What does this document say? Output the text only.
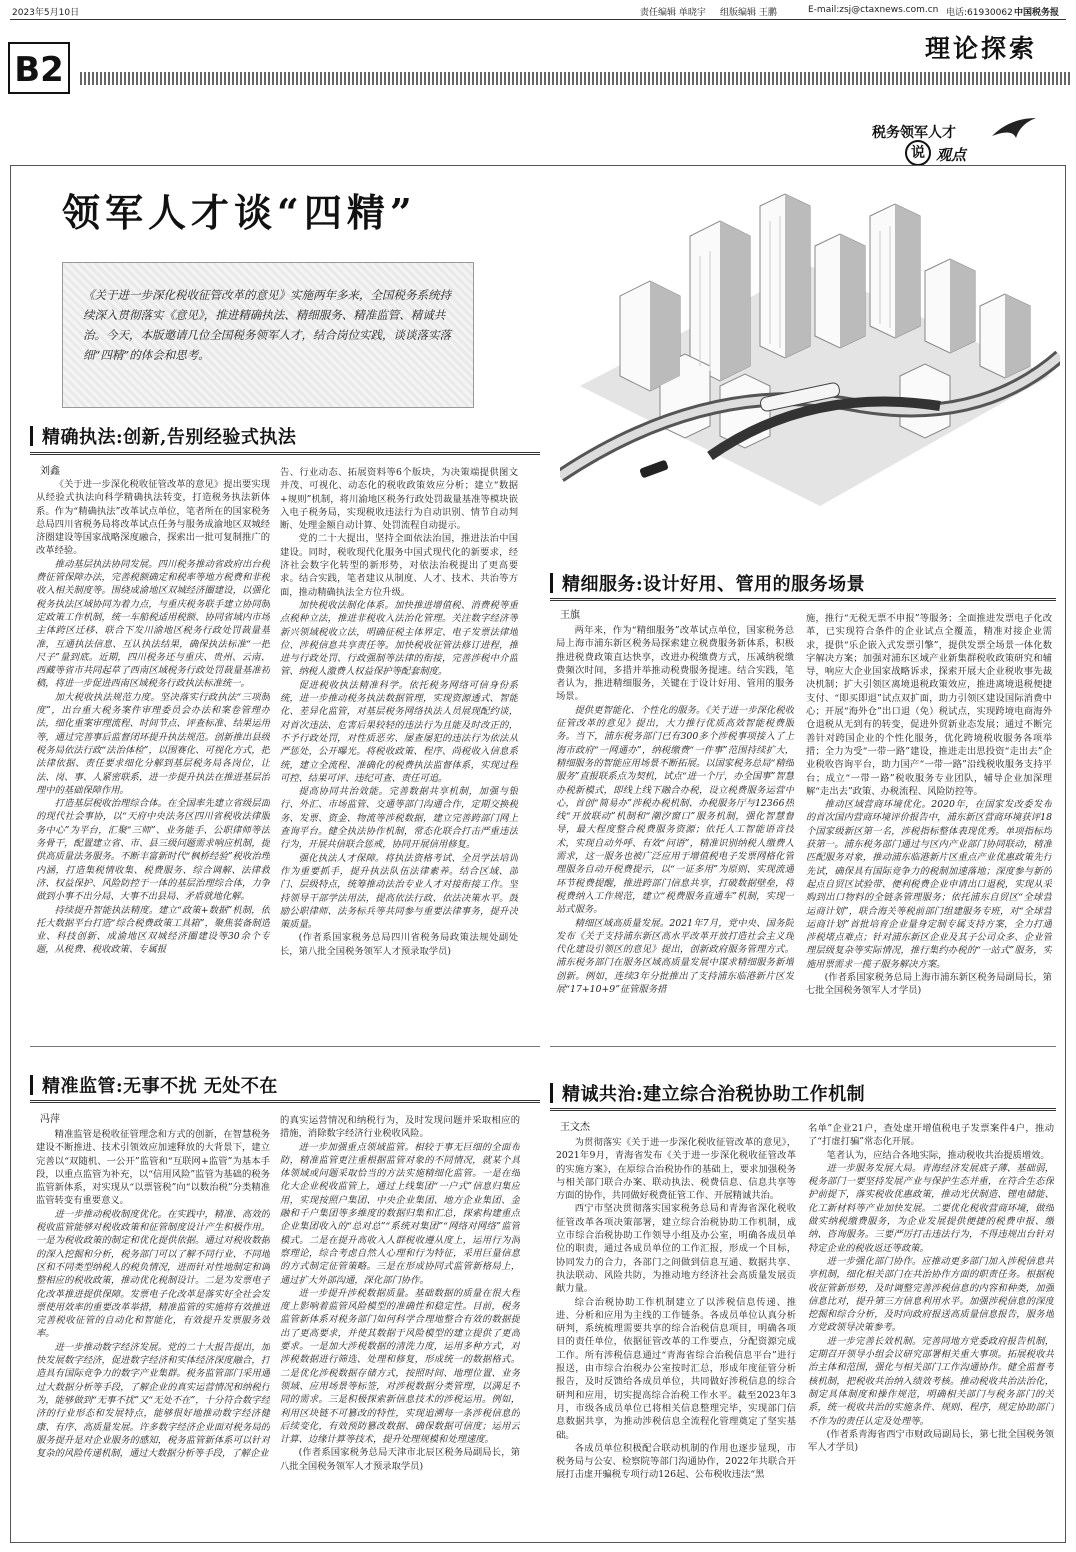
2023年5月10日	责任编辑 单晓宇 组版编辑 王鹏	E-mail:zsj@ctaxnews.com.cn 电话:61930062 中国税务报
B2
理论探索
税务领军人才
说 观点
领军人才谈“四精”
《关于进一步深化税收征管改革的意见》实施两年多来，全国税务系统持续深入贯彻落实《意见》，推进精确执法、精细服务、精准监管、精诚共治。今天，本版邀请几位全国税务领军人才，结合岗位实践，谈谈落实落细“四精”的体会和思考。
精确执法:创新,告别经验式执法
刘鑫

《关于进一步深化税收征管改革的意见》提出要实现从经验式执法向科学精确执法转变，打造税务执法新体系。作为“精确执法”改革试点单位，笔者所在的国家税务总局四川省税务局将改革试点任务与服务成渝地区双城经济圈建设等国家战略深度融合，探索出一批可复制推广的改革经验。

推动基层执法协同发展。四川税务推动省政府出台税费征管保障办法，完善税额确定和税率等地方税费和非税收入相关制度等。围绕成渝地区双城经济圈建设，以强化税务执法区域协同为着力点，与重庆税务联手建立协同制定政策工作机制，统一车船税适用税额、协同省域内市场主体跨区迁移、联合下发川渝地区税务行政处罚裁量基准，互通执法信息、互认执法结果，确保执法标准“一把尺子”量到底。近期，四川税务还与重庆、贵州、云南、西藏等省市共同起草了西南区域税务行政处罚裁量基准初稿，将进一步促进西南区域税务行政执法标准统一。

加大税收执法规范力度。坚决落实行政执法“三项制度”，出台重大税务案件审理委员会办法和案卷管理办法，细化重案审理流程、时间节点、评查标准、结果运用等，通过完善事后监督闭环提升执法规范。创新推出县级税务局依法行政“法治体检”，以围赛化、可视化方式，把法律依据、责任要求细化分解到基层税务局各岗位，让法、岗、事、人紧密联系，进一步提升执法在推进基层治理中的基础保障作用。

打造基层税收治理综合体。在全国率先建立省级层面的现代社会事协，以“天府中央法务区四川省税收法律服务中心”为平台，汇聚“三师”、业务能手、公职律师等法务骨干，配置建立省、市、县三级问题需求响应机制，提供高质量法务服务。不断丰富新时代“枫桥经验”税收治理内涵，打造集税情收集、税费服务、综合调解、法律救济、权益保护、风险防控于一体的基层治理综合体，力争做到小事不出分局、大事不出县局、矛盾就地化解。

持续提升智能执法精度。建立“政策+数据”机制，依托大数据平台打造“综合税费政策工具箱”，聚焦装备制造业、科技创新、成渝地区双城经济圈建设等30余个专题，从税费、税收政策、专属报

告、行业动态、拓展资料等6个版块，为决策端提供图文并茂、可视化、动态化的税收政策效应分析；建立“数据+规则”机制，将川渝地区税务行政处罚裁量基准等模块嵌入电子税务局，实现税收违法行为自动识别、情节自动判断、处理金额自动计算、处罚流程自动提示。

党的二十大提出，坚持全面依法治国，推进法治中国建设。同时，税收现代化服务中国式现代化的新要求，经济社会数字化转型的新形势，对依法治税提出了更高要求。结合实践，笔者建议从制度、人才、技术、共治等方面，推动精确执法全方位升级。

加快税收法制化体系。加快推进增值税、消费税等重点税种立法，推进非税收入法治化管理。关注数字经济等新兴领域税收立法，明确征税主体界定、电子发票法律地位、涉税信息共享责任等。加快税收征管法修订进程，推进与行政处罚、行政强制等法律的衔接，完善涉税中介监管、纳税人激费人权益保护等配套制度。

促进税收执法精准科学。依托税务网络可信身份系统，进一步推动税务执法数据管理，实现资源透式、智能化、差异化监管，对基层税务网络执法人员展现配约谈，对首次违法、危害后果较轻的违法行为且能及时改正的，不予行政处罚，对性质恶劣、屡查屡犯的违法行为依法从严惩处，公开曝光。将税收政策、程序、尚税收入信息系统，建立全流程、准确化的税费执法监督体系，实现过程可控、结果可评、违纪可查、责任可追。

提高协同共治效能。完善数据共享机制，加强与银行、外汇、市场监管、交通等部门沟通合作，定期交换税务、发票、资金、物流等涉税数据，建立完善跨部门网上查询平台。健全执法协作机制，常态化联合打击严重违法行为，开展共信联合惩戒，协同开展信用修复。

强化执法人才保障。将执法资格考试、全员学法培训作为重要抓手，提升执法队伍法律素养。结合区域、部门、层级特点，统筹推动法治专业人才对接衔接工作。坚持领导干部学法用法，提高依法行政、依法决策水平。鼓励公职律师、法务标兵等共同参与重要法律事务，提升决策质量。

(作者系国家税务总局四川省税务局政策法规处副处长，第八批全国税务领军人才预录取学员)

精细服务:设计好用、管用的服务场景
王旗

两年来，作为“精细服务”改革试点单位，国家税务总局上海市浦东新区税务局探索建立税费服务新体系，积极推进税费政策直达快享，改进办税缴费方式，压减纳税缴费频次时间，多措并举推动税费服务提速。结合实践，笔者认为，推进精细服务，关键在于设计好用、管用的服务场景。

提供更智能化、个性化的服务。《关于进一步深化税收征管改革的意见》提出，大力推行优质高效智能税费服务。当下，浦东税务部门已有300多个涉税事项接入了上海市政府“一网通办”，纳税缴费“一件事”范围持续扩大，精细服务的智能应用场景不断拓展。以国家税务总局“精细服务”直报联系点为契机，试点“进一个厅，办全国事”智慧办税新模式，即线上线下融合办税，设立税费服务运营中心，首创“简易办”涉税办税机制、办税服务厅与12366热线“开放联动”机制和“潮汐窗口”服务机制，强化智慧督导，最大程度整合税费服务资源；依托人工智能语音技术，实现自动外呼、有效“问语”，精准识别纳税人缴费人需求，这一服务也被广泛应用于增值税电子发票网格化管理服务自动开税费提示，以“一证多用”为原则、实现流通环节税费提醒，推进跨部门信息共享，打破数据壁垒，将税费纳入工作规范，建立“税费服务直通车”机制，实现一站式服务。

精细区域高质量发展。2021年7月，党中央、国务院发布《关于支持浦东新区高水平改革开放打造社会主义现代化建设引领区的意见》提出，创新政府服务管理方式。浦东税务部门在服务区域高质量发展中谋求精细服务新增创新。例如，连续3年分批推出了支持浦东临港新片区发展“17+10+9”征管服务措

施，推行“无税无票不申报”等服务；全面推进发票电子化改革，已实现符合条件的企业试点全覆盖，精准对接企业需求，提供“乐企嵌入式发票引擎”，提供发票全场景一体化数字解决方案；加强对浦东区域产业新集群税收政策研究和辅导，响应大企业国家战略诉求，探索开展大企业税收事先裁决机制；扩大引领区离境退税政策效应，推进离境退税便捷支付、“即买即退”试点双扩面，助力引领区建设国际消费中心；开展“海外仓”出口退（免）税试点，实现跨境电商海外仓退税从无到有的转变，促进外贸新业态发展；通过不断完善针对跨国企业的个性化服务，优化跨境税收服务各项举措；全力为受“一带一路”建设，推进走出思投资“走出去”企业税收咨询平台，助力国产“一带一路”沿线税收服务支持平台；成立“一带一路”税收服务专业团队，辅导企业加深理解“走出去”政策、办税流程、风险防控等。

推动区域营商环境优化。2020年，在国家发改委发布的首次国内营商环境评价报告中，浦东新区营商环境获评18个国家级新区第一名，涉税指标整体表现优秀。单项指标均获第一。浦东税务部门通过与区内产业部门协同联动，精准匹配服务对象，推动浦东临港新片区重点产业优惠政策先行先试，确保具有国际竞争力的税制加速落地；深度参与新的起点自贸区试验带、便利税费企业申请出口退税，实现从采购到出口物料的全链条管理服务；依托浦东自贸区“全球营运商计划”，联合海关等税前部门组建服务专班，对“全球营运商计划”首批培育企业量身定制专属支持方案，全力打通涉税堵点难点；针对浦东新区企业及其子公司众多、企业管理层级复杂等实际情况，推行集约办税的“一站式”服务，实施用票需求一揽子服务解决方案。

(作者系国家税务总局上海市浦东新区税务局副局长，第七批全国税务领军人才学员)

精准监管:无事不扰 无处不在
冯萍

精准监管是税收征管理念和方式的创新，在智慧税务建设不断推进、技术引领效应加速释放的大背景下，建立完善以“双随机、一公开”监管和“互联网+监管”为基本手段，以重点监管为补充，以“信用风险”监管为基础的税务监管新体系，对实现从“以票管税”向“以数治税”分类精准监管转变有重要意义。

进一步推动税收制度优化。在实践中，精准、高效的税收监管能够对税收政策和征管制度设计产生积极作用。一是为税收政策的制定和优化提供依据。通过对税收数据的深入挖掘和分析，税务部门可以了解不同行业、不同地区和不同类型纳税人的税负情况，进而针对性地制定和调整相应的税收政策，推动优化税制设计。二是为发票电子化改革推进提供保障。发票电子化改革是落实好全社会发票使用效率的重要改革举措，精准监管的实施将有效推进完善税收征管的自动化和智能化，有效提升发票服务效率。

进一步推动数字经济发展。党的二十大报告提出，加快发展数字经济，促进数字经济和实体经济深度融合，打造具有国际竞争力的数字产业集群。税务监管部门采用通过大数据分析等手段，了解企业的真实运营情况和纳税行为，能够做到“无事不扰”又“无处不在”，十分符合数字经济的行业形态和发展特点，能够很好地推动数字经济健康、有序、高质量发展。许多数字经济企业面对税务局的服务提升是对企业服务的感知，税务监管新体系可以针对复杂的风险传递机制，通过大数据分析等手段，了解企业

的真实运营情况和纳税行为，及时发现问题并采取相应的措施，消除数字经济行业税收风险。

进一步加强重点领域监管。相较于事无巨细的全面布防，精准监管更注重根据监管对象的不同情况，就某个具体领域或问题采取恰当的方法实施精细化监管。一是在细化大企业税收监管上，通过上线集团“一户式”信息归集应用，实现按照户集团、中央企业集团、地方企业集团、金融和千户集团等多维度的数据归集和汇总，探索构建重点企业集团收入的“总对总”“系统对集团”“网络对网络”监管模式。二是在提升高收入人群税收遵从度上，运用行为洞察理论，综合考虑自然人心理和行为特征，采用巨量信息的方式制定征管策略。三是在形成协同式监管新格局上，通过扩大外部沟通，深化部门协作。

进一步提升涉税数据质量。基础数据的质量在很大程度上影响着监管风险模型的准确性和稳定性。目前，税务监管新体系对税务部门如何科学合理地整合有效的数据提出了更高要求，并使其数据于风险模型的建立提供了更高要求。一是加大涉税数据的清洗力度，运用多种方式，对涉税数据进行筛选、处理和修复，形成统一的数据格式。二是优化涉税数据存储方式，按照时间、地理位置、业务领域、应用场景等标签，对涉税数据分类管理，以满足不同的需求。三是积极探索新信息技术的涉税运用。例如，利用区块链不可篡改的特性，实现追溯每一条涉税信息的后续变化，有效预防篡改数据、确保数据可信度；运用云计算、边缘计算等技术，提升处理规模和处理速度。

(作者系国家税务总局天津市北辰区税务局副局长，第八批全国税务领军人才预录取学员)

精诚共治:建立综合治税协助工作机制
王文杰

为贯彻落实《关于进一步深化税收征管改革的意见》，2021年9月，青海省发布《关于进一步深化税收征管改革的实施方案》，在原综合治税协作的基础上，要求加强税务与相关部门联合办案、联动执法、税费信息、信息共享等方面的协作，共同做好税费征管工作、开展精诚共治。

西宁市坚决贯彻落实国家税务总局和青海省深化税收征管改革各项决策部署，建立综合治税协助工作机制，成立市综合治税协助工作领导小组及办公室，明确各成员单位的职责，通过各成员单位的工作汇报，形成一个目标，协同发力的合力，各部门之间做到信息互通、数据共享、执法联动、风险共防，为推动地方经济社会高质量发展贡献力量。

综合治税协助工作机制建立了以涉税信息传递、推进、分析和应用为主线的工作链条。各成员单位认真分析研判，系统梳理需要共享的综合治税信息项目，明确各项目的责任单位，依据征管改革的工作要点，分配资源完成工作。所有涉税信息通过“青海省综合治税信息平台”进行报送，由市综合治税办公室按时汇总，形成年度征管分析报告，及时反馈给各成员单位，共同做好涉税信息的综合研判和应用，切实提高综合治税工作水平。截至2023年3月，市级各成员单位已将相关信息整理完毕，实现部门信息数据共享，为推动涉税信息全流程化管理奠定了坚实基础。

各成员单位积极配合联动机制的作用也逐步显现，市税务局与公安、检察院等部门沟通协作，2022年共联合开展打击虚开骗税专项行动126起、公布税收违法“黑

名单”企业21户，查处虚开增值税电子发票案件4户，推动了“打虚打骗”常态化开展。

笔者认为，应结合各地实际，推动税收共治提质增效。

进一步服务发展大局。青海经济发展底子薄、基础弱，税务部门一要坚持发展产业与保护生态并重，在符合生态保护前提下，落实税收优惠政策，推动光伏制造、锂电储能、化工新材料等产业加快发展。二要优化税收营商环境，做细做实纳税缴费服务，为企业发展提供便捷的税费申报、缴纳、咨询服务。三要严厉打击违法行为，不得违规出台针对特定企业的税收返还等政策。

进一步强化部门协作。应推动更多部门加入涉税信息共享机制，细化相关部门在共治协作方面的职责任务。根据税收征管新形势，及时调整完善涉税信息的内容和种类，加强信息比对，提升第三方信息利用水平。加强涉税信息的深度挖掘和综合分析，及时向政府报送高质量信息报告，服务地方党政领导决策参考。

进一步完善长效机制。完善同地方党委政府报告机制，定期召开领导小组会议研究部署相关重大事项。拓展税收共治主体和范围，强化与相关部门工作沟通协作。健全监督考核机制，把税收共治纳入绩效考核。推动税收共治法治化，制定具体制度和操作规范，明确相关部门与税务部门的关系，统一税收共治的实施条件、规则、程序，规定协助部门不作为的责任认定及处理等。

(作者系青海省西宁市财政局副局长，第七批全国税务领军人才学员)
